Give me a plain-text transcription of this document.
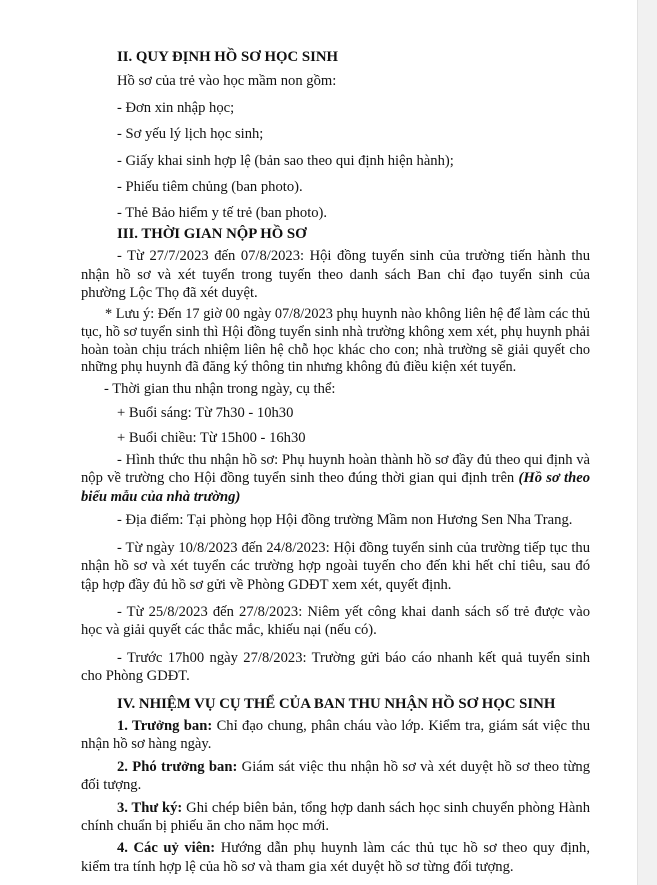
II. QUY ĐỊNH HỒ SƠ HỌC SINH

Hồ sơ của trẻ vào học mầm non gồm:

- Đơn xin nhập học;

- Sơ yếu lý lịch học sinh;

- Giấy khai sinh hợp lệ (bản sao theo qui định hiện hành);

- Phiếu tiêm chủng (ban photo).

- Thẻ Bảo hiểm y tế trẻ (ban photo).

III. THỜI GIAN NỘP HỒ SƠ

- Từ 27/7/2023 đến 07/8/2023: Hội đồng tuyển sinh của trường tiến hành thu nhận hồ sơ và xét tuyển trong tuyến theo danh sách Ban chỉ đạo tuyển sinh của phường Lộc Thọ đã xét duyệt.

* Lưu ý: Đến 17 giờ 00 ngày 07/8/2023 phụ huynh nào không liên hệ để làm các thủ tục, hồ sơ tuyển sinh thì Hội đồng tuyển sinh nhà trường không xem xét, phụ huynh phải hoàn toàn chịu trách nhiệm liên hệ chỗ học khác cho con; nhà trường sẽ giải quyết cho những phụ huynh đã đăng ký thông tin nhưng không đủ điều kiện xét tuyển.

- Thời gian thu nhận trong ngày, cụ thể:

+ Buổi sáng: Từ 7h30 - 10h30

+ Buổi chiều: Từ 15h00 - 16h30

- Hình thức thu nhận hồ sơ: Phụ huynh hoàn thành hồ sơ đầy đủ theo qui định và nộp về trường cho Hội đồng tuyển sinh theo đúng thời gian qui định trên (Hồ sơ theo biểu mẫu của nhà trường)

- Địa điểm: Tại phòng họp Hội đồng trường Mầm non Hương Sen Nha Trang.

- Từ ngày 10/8/2023 đến 24/8/2023: Hội đồng tuyển sinh của trường tiếp tục thu nhận hồ sơ và xét tuyển các trường hợp ngoài tuyến cho đến khi hết chỉ tiêu, sau đó tập hợp đầy đủ hồ sơ gửi về Phòng GDĐT xem xét, quyết định.

- Từ 25/8/2023 đến 27/8/2023: Niêm yết công khai danh sách số trẻ được vào học và giải quyết các thắc mắc, khiếu nại (nếu có).

- Trước 17h00 ngày 27/8/2023: Trường gửi báo cáo nhanh kết quả tuyển sinh cho Phòng GDĐT.

IV. NHIỆM VỤ CỤ THỂ CỦA BAN THU NHẬN HỒ SƠ HỌC SINH

1. Trưởng ban: Chỉ đạo chung, phân cháu vào lớp. Kiểm tra, giám sát việc thu nhận hồ sơ hàng ngày.

2. Phó trưởng ban: Giám sát việc thu nhận hồ sơ và xét duyệt hồ sơ theo từng đối tượng.

3. Thư ký: Ghi chép biên bản, tổng hợp danh sách học sinh chuyển phòng Hành chính chuẩn bị phiếu ăn cho năm học mới.

4. Các uỷ viên: Hướng dẫn phụ huynh làm các thủ tục hồ sơ theo quy định, kiểm tra tính hợp lệ của hồ sơ và tham gia xét duyệt hồ sơ từng đối tượng.
